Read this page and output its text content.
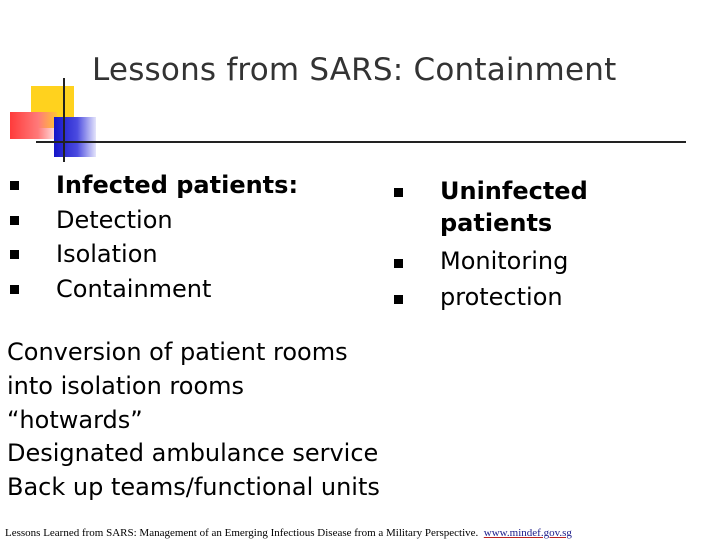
Lessons from SARS: Containment
Infected patients:
Detection
Isolation
Containment
Uninfected patients
Monitoring
protection
Conversion of patient rooms
into isolation rooms
“hotwards”
Designated ambulance service
Back up teams/functional units
Lessons Learned from SARS: Management of an Emerging Infectious Disease from a Military Perspective. www.mindef.gov.sg
